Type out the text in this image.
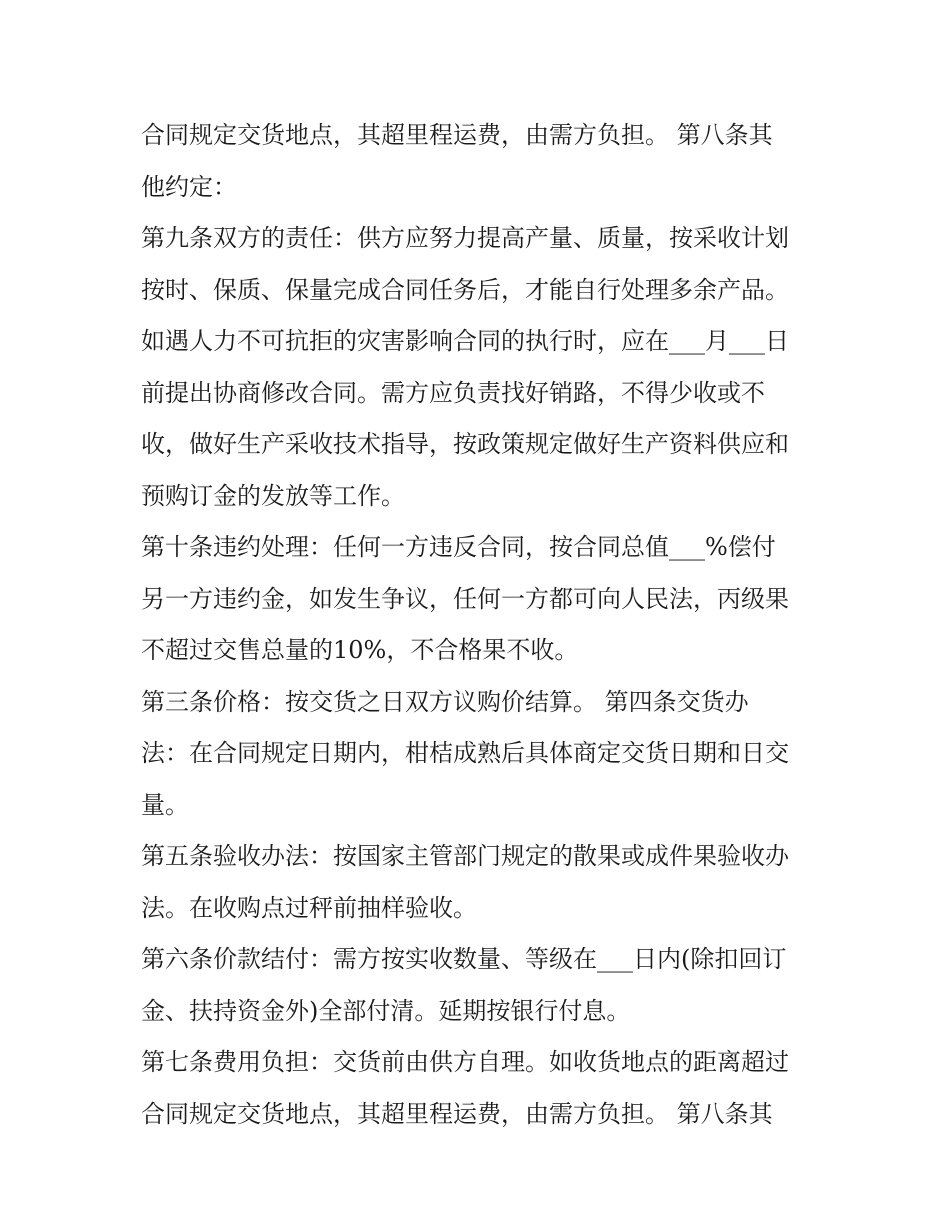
合同规定交货地点，其超里程运费，由需方负担。 第八条其
他约定：
第九条双方的责任：供方应努力提高产量、质量，按采收计划
按时、保质、保量完成合同任务后，才能自行处理多余产品。
如遇人力不可抗拒的灾害影响合同的执行时，应在___月___日
前提出协商修改合同。需方应负责找好销路，不得少收或不
收，做好生产采收技术指导，按政策规定做好生产资料供应和
预购订金的发放等工作。
第十条违约处理：任何一方违反合同，按合同总值___%偿付
另一方违约金，如发生争议，任何一方都可向人民法，丙级果
不超过交售总量的10%，不合格果不收。
第三条价格：按交货之日双方议购价结算。 第四条交货办
法：在合同规定日期内，柑桔成熟后具体商定交货日期和日交
量。
第五条验收办法：按国家主管部门规定的散果或成件果验收办
法。在收购点过秤前抽样验收。
第六条价款结付：需方按实收数量、等级在___日内(除扣回订
金、扶持资金外)全部付清。延期按银行付息。
第七条费用负担：交货前由供方自理。如收货地点的距离超过
合同规定交货地点，其超里程运费，由需方负担。 第八条其
